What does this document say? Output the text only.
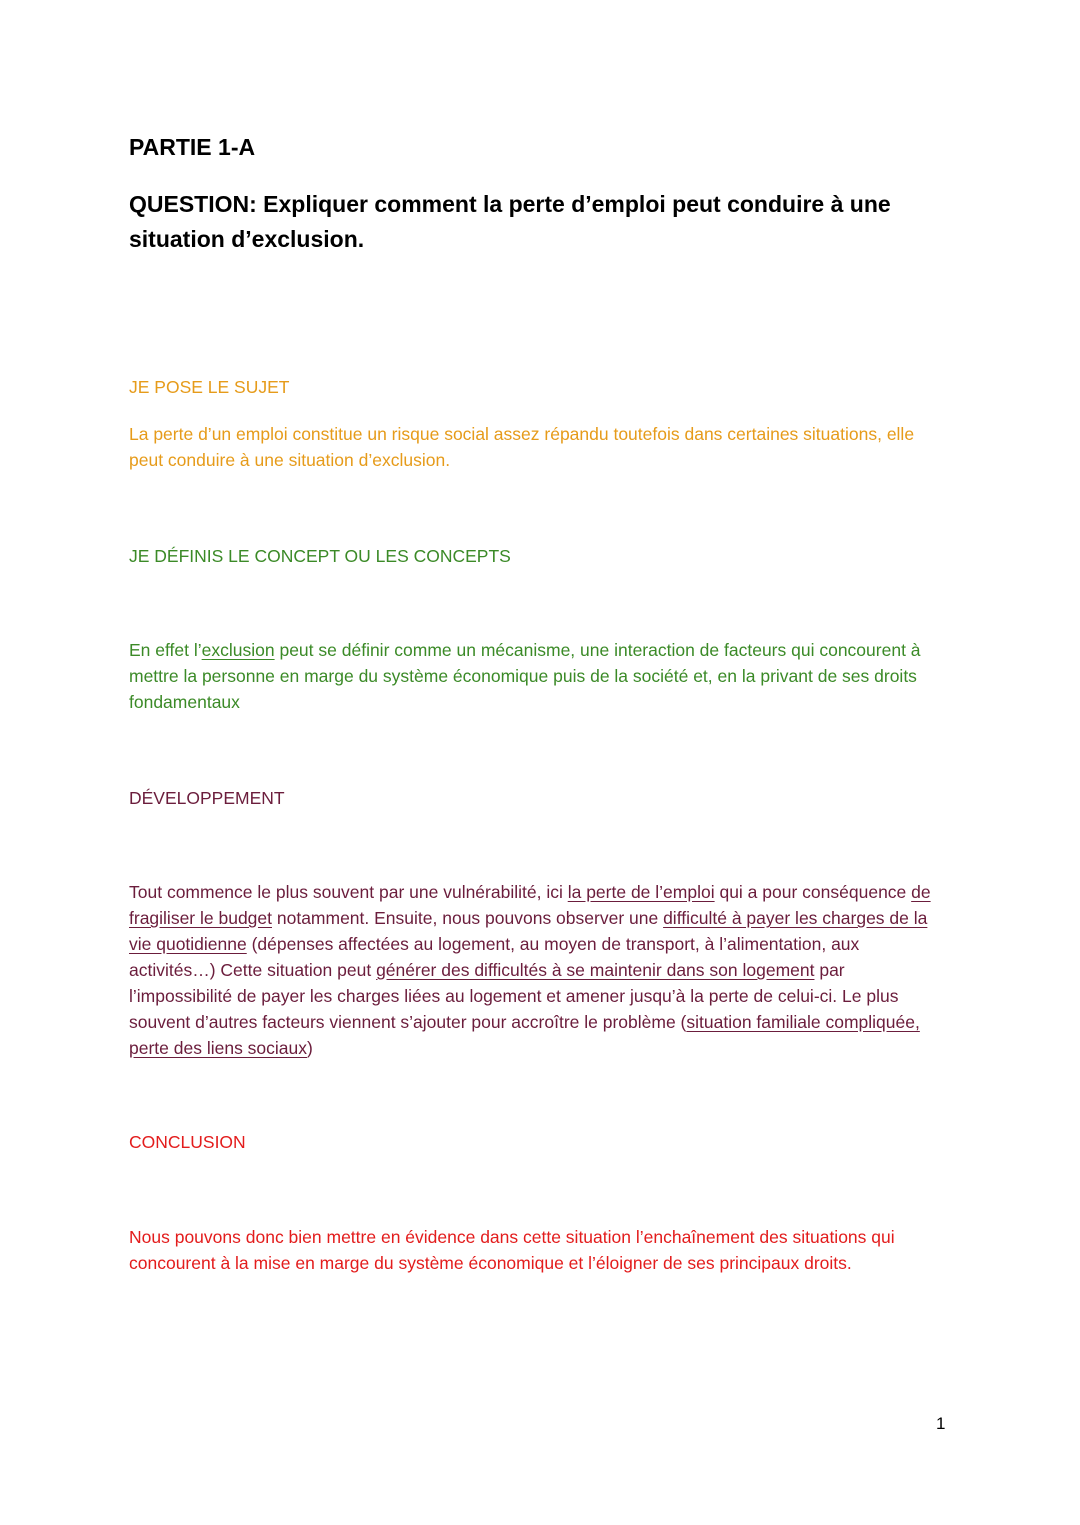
PARTIE 1-A
QUESTION: Expliquer comment la perte d’emploi peut conduire à une situation d’exclusion.
JE POSE LE SUJET
La perte d’un emploi constitue un risque social assez répandu toutefois dans certaines situations, elle peut conduire à une situation d’exclusion.
JE DÉFINIS LE CONCEPT OU LES CONCEPTS
En effet l’exclusion peut se définir comme un mécanisme, une interaction de facteurs qui concourent à mettre la personne en marge du système économique puis de la société et, en la privant de ses droits fondamentaux
DÉVELOPPEMENT
Tout commence le plus souvent par une vulnérabilité, ici la perte de l’emploi qui a pour conséquence de fragiliser le budget notamment. Ensuite, nous pouvons observer une difficulté à payer les charges de la vie quotidienne (dépenses affectées au logement, au moyen de transport, à l’alimentation, aux activités…) Cette situation peut générer des difficultés à se maintenir dans son logement par l’impossibilité de payer les charges liées au logement et amener jusqu’à la perte de celui-ci. Le plus souvent d’autres facteurs viennent s’ajouter pour accroître le problème (situation familiale compliquée, perte des liens sociaux)
CONCLUSION
Nous pouvons donc bien mettre en évidence dans cette situation l’enchaînement des situations qui concourent à la mise en marge du système économique et l’éloigner de ses principaux droits.
1
